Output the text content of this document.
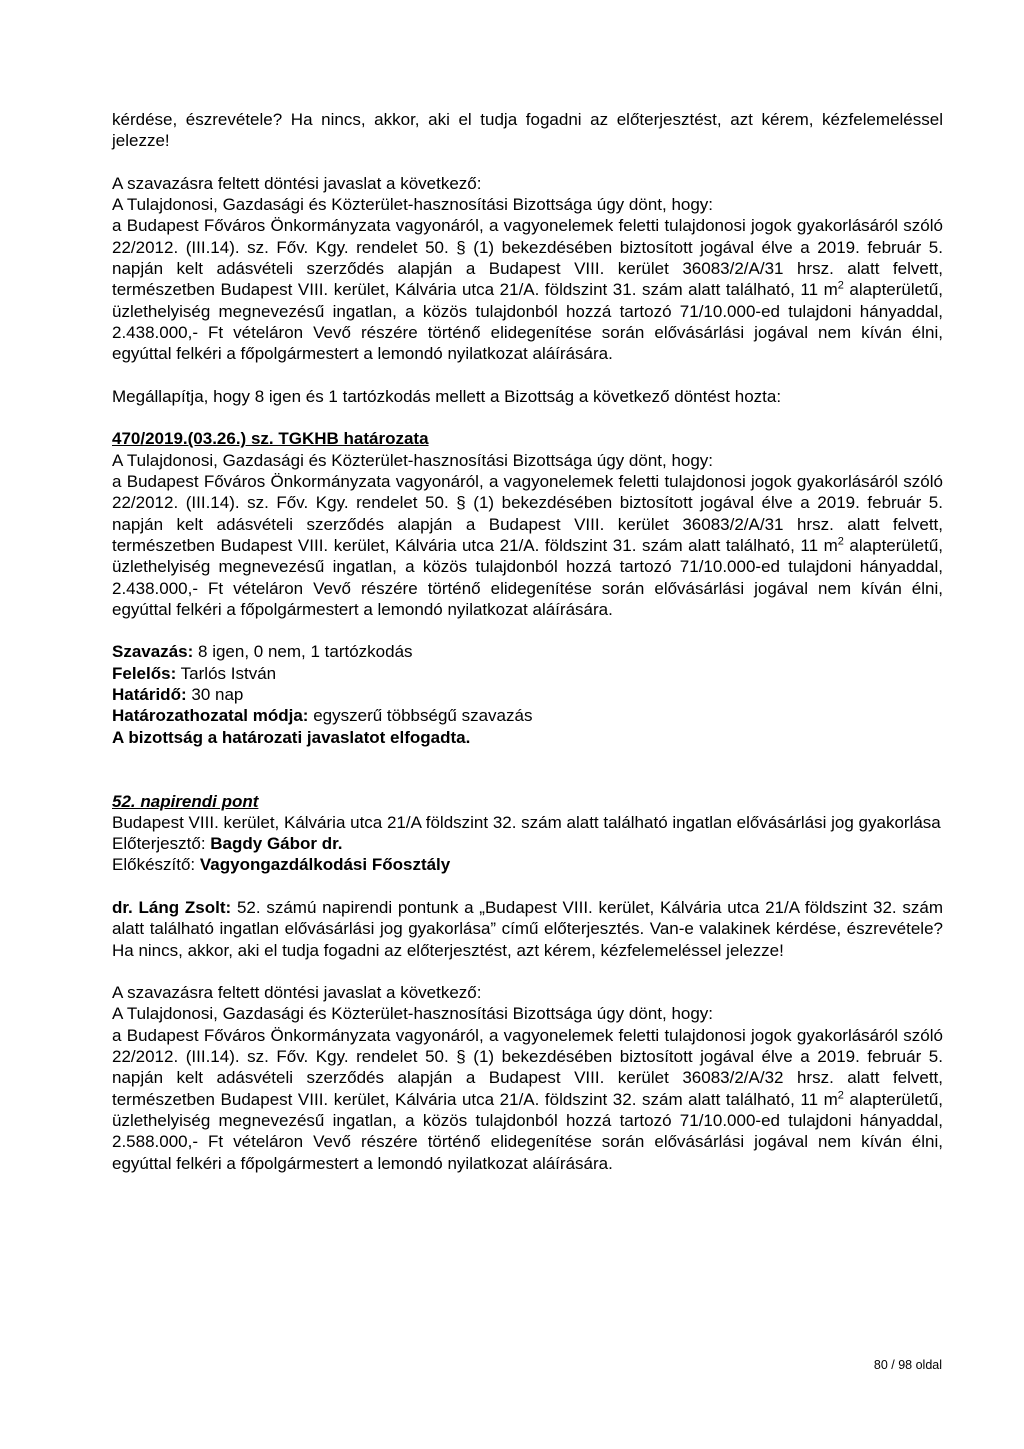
kérdése, észrevétele? Ha nincs, akkor, aki el tudja fogadni az előterjesztést, azt kérem, kézfelemeléssel jelezze!

A szavazásra feltett döntési javaslat a következő:

A Tulajdonosi, Gazdasági és Közterület-hasznosítási Bizottsága úgy dönt, hogy:

a Budapest Főváros Önkormányzata vagyonáról, a vagyonelemek feletti tulajdonosi jogok gyakorlásáról szóló 22/2012. (III.14). sz. Főv. Kgy. rendelet 50. § (1) bekezdésében biztosított jogával élve a 2019. február 5. napján kelt adásvételi szerződés alapján a Budapest VIII. kerület 36083/2/A/31 hrsz. alatt felvett, természetben Budapest VIII. kerület, Kálvária utca 21/A. földszint 31. szám alatt található, 11 $m^2$ alapterületű, üzlethelyiség megnevezésű ingatlan, a közös tulajdonból hozzá tartozó 71/10.000-ed tulajdoni hányaddal, 2.438.000,- Ft vételáron Vevő részére történő elidegenítése során elővásárlási jogával nem kíván élni, egyúttal felkéri a főpolgármestert a lemondó nyilatkozat aláírására.

Megállapítja, hogy 8 igen és 1 tartózkodás mellett a Bizottság a következő döntést hozta:

470/2019.(03.26.) sz. TGKHB határozata

A Tulajdonosi, Gazdasági és Közterület-hasznosítási Bizottsága úgy dönt, hogy:

a Budapest Főváros Önkormányzata vagyonáról, a vagyonelemek feletti tulajdonosi jogok gyakorlásáról szóló 22/2012. (III.14). sz. Főv. Kgy. rendelet 50. § (1) bekezdésében biztosított jogával élve a 2019. február 5. napján kelt adásvételi szerződés alapján a Budapest VIII. kerület 36083/2/A/31 hrsz. alatt felvett, természetben Budapest VIII. kerület, Kálvária utca 21/A. földszint 31. szám alatt található, 11 $m^2$ alapterületű, üzlethelyiség megnevezésű ingatlan, a közös tulajdonból hozzá tartozó 71/10.000-ed tulajdoni hányaddal, 2.438.000,- Ft vételáron Vevő részére történő elidegenítése során elővásárlási jogával nem kíván élni, egyúttal felkéri a főpolgármestert a lemondó nyilatkozat aláírására.

Szavazás: 8 igen, 0 nem, 1 tartózkodás

Felelős: Tarlós István

Határidő: 30 nap

Határozathozatal módja: egyszerű többségű szavazás

A bizottság a határozati javaslatot elfogadta.

52. napirendi pont

Budapest VIII. kerület, Kálvária utca 21/A földszint 32. szám alatt található ingatlan elővásárlási jog gyakorlása

Előterjesztő: Bagdy Gábor dr.

Előkészítő: Vagyongazdálkodási Főosztály

dr. Láng Zsolt: 52. számú napirendi pontunk a „Budapest VIII. kerület, Kálvária utca 21/A földszint 32. szám alatt található ingatlan elővásárlási jog gyakorlása” című előterjesztés. Van-e valakinek kérdése, észrevétele? Ha nincs, akkor, aki el tudja fogadni az előterjesztést, azt kérem, kézfelemeléssel jelezze!

A szavazásra feltett döntési javaslat a következő:

A Tulajdonosi, Gazdasági és Közterület-hasznosítási Bizottsága úgy dönt, hogy:

a Budapest Főváros Önkormányzata vagyonáról, a vagyonelemek feletti tulajdonosi jogok gyakorlásáról szóló 22/2012. (III.14). sz. Főv. Kgy. rendelet 50. § (1) bekezdésében biztosított jogával élve a 2019. február 5. napján kelt adásvételi szerződés alapján a Budapest VIII. kerület 36083/2/A/32 hrsz. alatt felvett, természetben Budapest VIII. kerület, Kálvária utca 21/A. földszint 32. szám alatt található, 11 $m^2$ alapterületű, üzlethelyiség megnevezésű ingatlan, a közös tulajdonból hozzá tartozó 71/10.000-ed tulajdoni hányaddal, 2.588.000,- Ft vételáron Vevő részére történő elidegenítése során elővásárlási jogával nem kíván élni, egyúttal felkéri a főpolgármestert a lemondó nyilatkozat aláírására.

80 / 98 oldal
